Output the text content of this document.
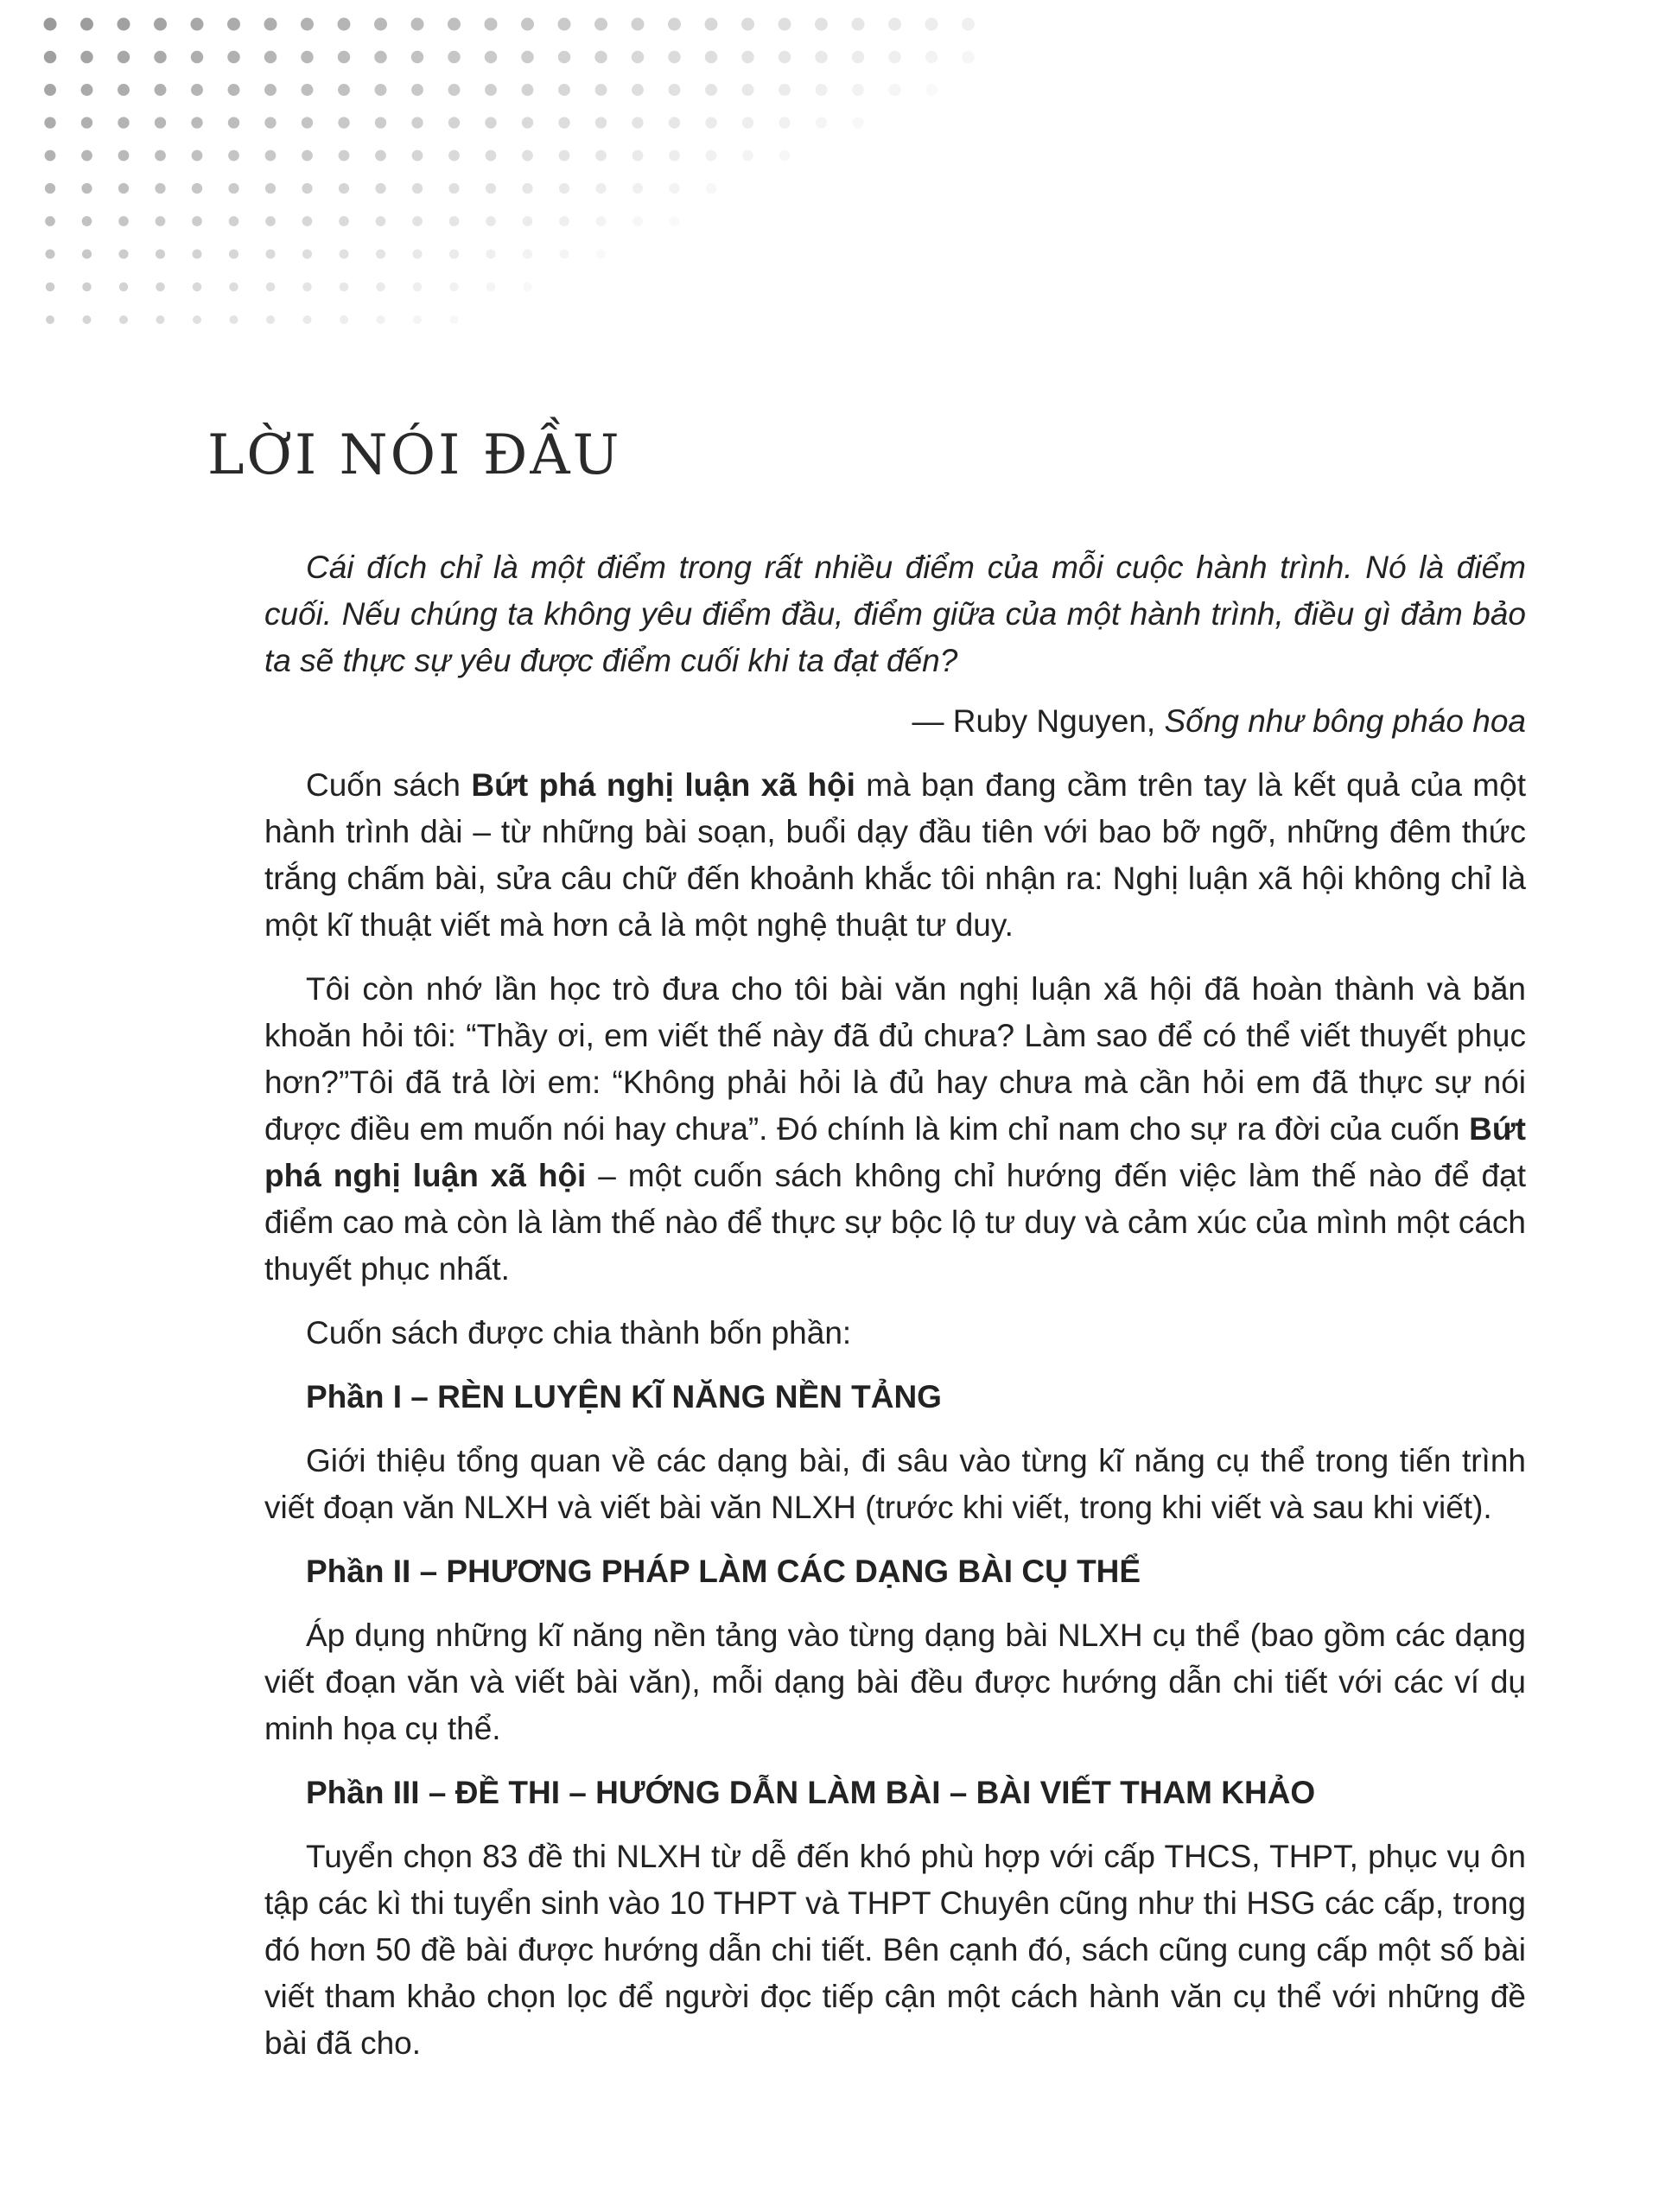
LỜI NÓI ĐẦU

Cái đích chỉ là một điểm trong rất nhiều điểm của mỗi cuộc hành trình. Nó là điểm cuối. Nếu chúng ta không yêu điểm đầu, điểm giữa của một hành trình, điều gì đảm bảo ta sẽ thực sự yêu được điểm cuối khi ta đạt đến?

— Ruby Nguyen, Sống như bông pháo hoa

Cuốn sách Bứt phá nghị luận xã hội mà bạn đang cầm trên tay là kết quả của một hành trình dài – từ những bài soạn, buổi dạy đầu tiên với bao bỡ ngỡ, những đêm thức trắng chấm bài, sửa câu chữ đến khoảnh khắc tôi nhận ra: Nghị luận xã hội không chỉ là một kĩ thuật viết mà hơn cả là một nghệ thuật tư duy.

Tôi còn nhớ lần học trò đưa cho tôi bài văn nghị luận xã hội đã hoàn thành và băn khoăn hỏi tôi: “Thầy ơi, em viết thế này đã đủ chưa? Làm sao để có thể viết thuyết phục hơn?”Tôi đã trả lời em: “Không phải hỏi là đủ hay chưa mà cần hỏi em đã thực sự nói được điều em muốn nói hay chưa”. Đó chính là kim chỉ nam cho sự ra đời của cuốn Bứt phá nghị luận xã hội – một cuốn sách không chỉ hướng đến việc làm thế nào để đạt điểm cao mà còn là làm thế nào để thực sự bộc lộ tư duy và cảm xúc của mình một cách thuyết phục nhất.

Cuốn sách được chia thành bốn phần:

Phần I – RÈN LUYỆN KĨ NĂNG NỀN TẢNG

Giới thiệu tổng quan về các dạng bài, đi sâu vào từng kĩ năng cụ thể trong tiến trình viết đoạn văn NLXH và viết bài văn NLXH (trước khi viết, trong khi viết và sau khi viết).

Phần II – PHƯƠNG PHÁP LÀM CÁC DẠNG BÀI CỤ THỂ

Áp dụng những kĩ năng nền tảng vào từng dạng bài NLXH cụ thể (bao gồm các dạng viết đoạn văn và viết bài văn), mỗi dạng bài đều được hướng dẫn chi tiết với các ví dụ minh họa cụ thể.

Phần III – ĐỀ THI – HƯỚNG DẪN LÀM BÀI – BÀI VIẾT THAM KHẢO

Tuyển chọn 83 đề thi NLXH từ dễ đến khó phù hợp với cấp THCS, THPT, phục vụ ôn tập các kì thi tuyển sinh vào 10 THPT và THPT Chuyên cũng như thi HSG các cấp, trong đó hơn 50 đề bài được hướng dẫn chi tiết. Bên cạnh đó, sách cũng cung cấp một số bài viết tham khảo chọn lọc để người đọc tiếp cận một cách hành văn cụ thể với những đề bài đã cho.
